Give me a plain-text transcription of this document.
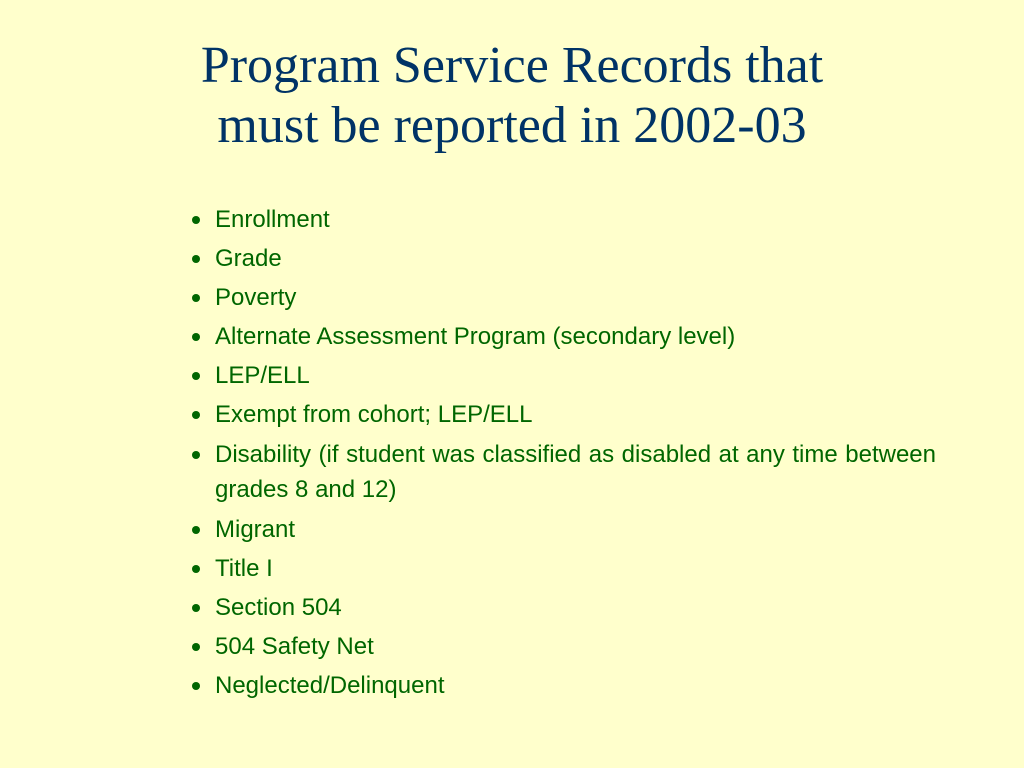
Program Service Records that
must be reported in 2002-03
Enrollment
Grade
Poverty
Alternate Assessment Program (secondary level)
LEP/ELL
Exempt from cohort; LEP/ELL
Disability (if student was classified as disabled at any time between grades 8 and 12)
Migrant
Title I
Section 504
504 Safety Net
Neglected/Delinquent
